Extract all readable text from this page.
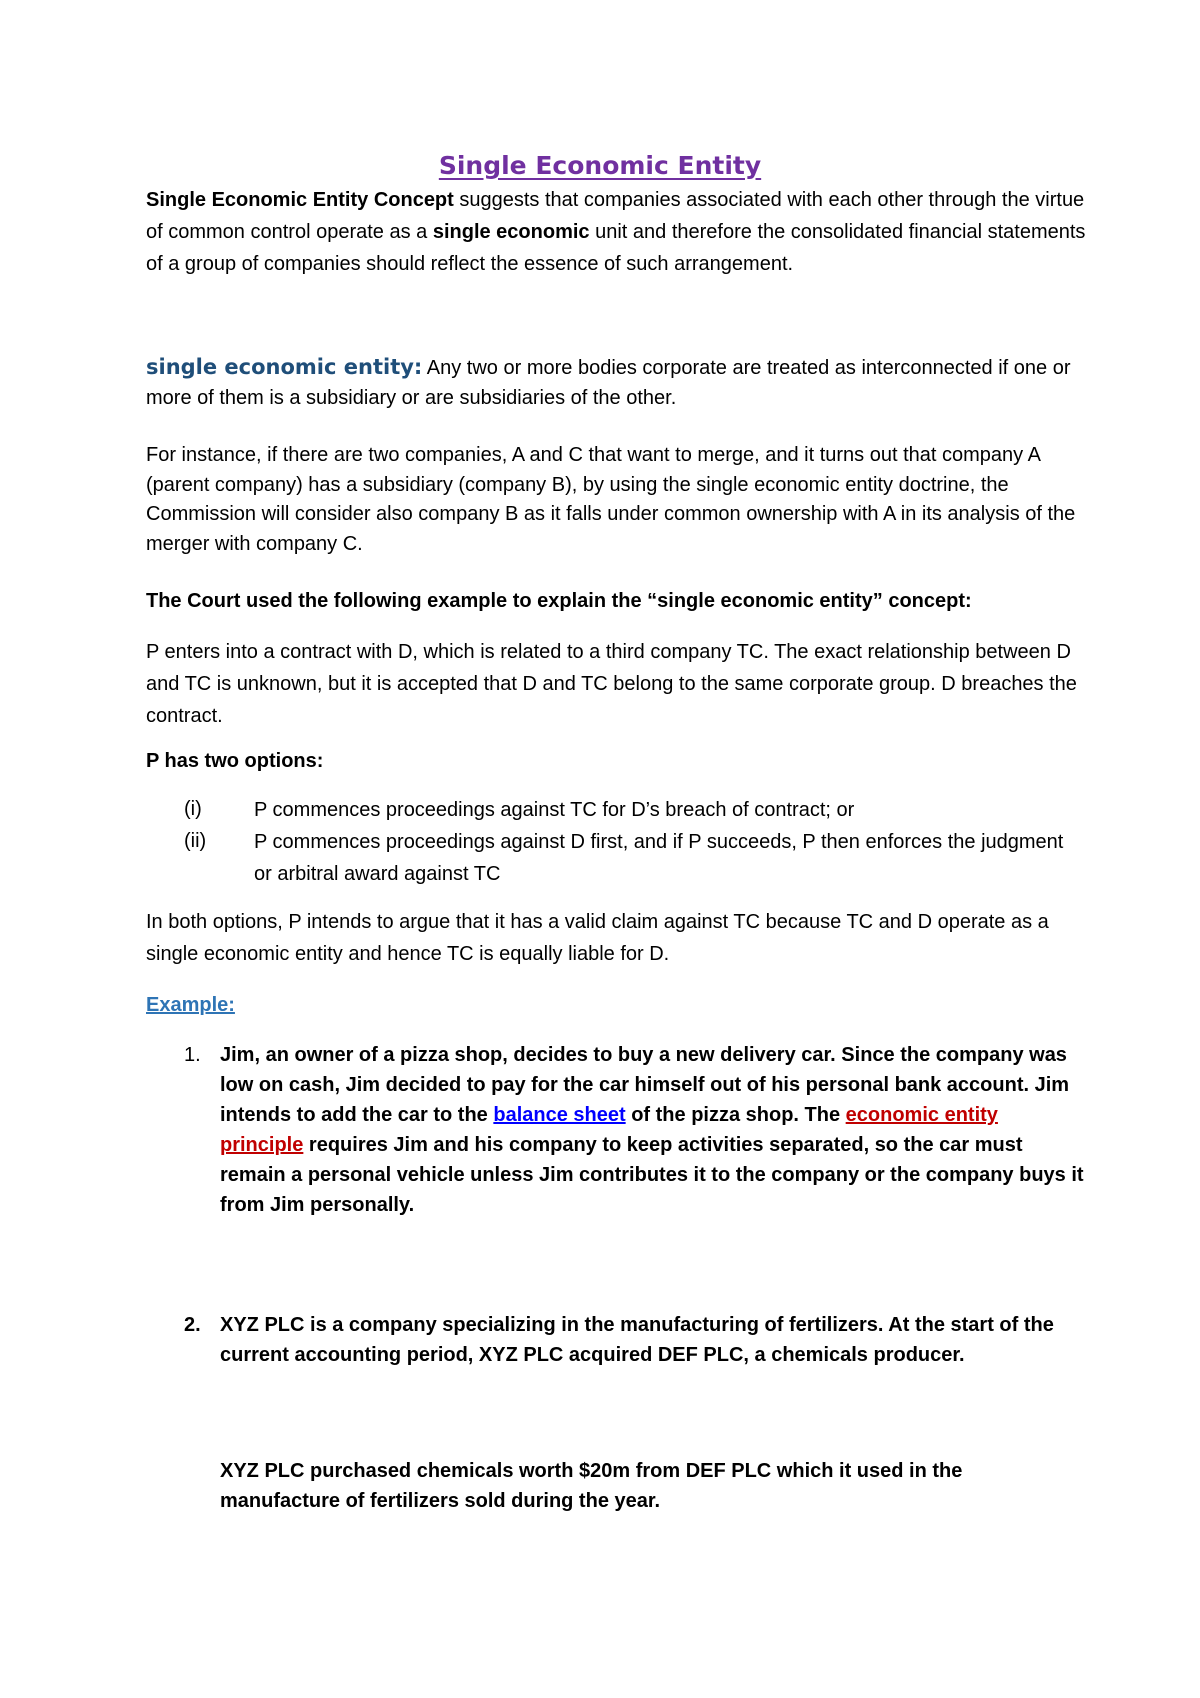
Single Economic Entity

Single Economic Entity Concept suggests that companies associated with each other through the virtue of common control operate as a single economic unit and therefore the consolidated financial statements of a group of companies should reflect the essence of such arrangement.

single economic entity: Any two or more bodies corporate are treated as interconnected if one or more of them is a subsidiary or are subsidiaries of the other.

For instance, if there are two companies, A and C that want to merge, and it turns out that company A (parent company) has a subsidiary (company B), by using the single economic entity doctrine, the Commission will consider also company B as it falls under common ownership with A in its analysis of the merger with company C.

The Court used the following example to explain the “single economic entity” concept:

P enters into a contract with D, which is related to a third company TC. The exact relationship between D and TC is unknown, but it is accepted that D and TC belong to the same corporate group. D breaches the contract.

P has two options:
(i)	P commences proceedings against TC for D’s breach of contract; or
(ii) P commences proceedings against D first, and if P succeeds, P then enforces the judgment or arbitral award against TC

In both options, P intends to argue that it has a valid claim against TC because TC and D operate as a single economic entity and hence TC is equally liable for D.

Example:
1. Jim, an owner of a pizza shop, decides to buy a new delivery car. Since the company was low on cash, Jim decided to pay for the car himself out of his personal bank account. Jim intends to add the car to the balance sheet of the pizza shop. The economic entity principle requires Jim and his company to keep activities separated, so the car must remain a personal vehicle unless Jim contributes it to the company or the company buys it from Jim personally.

2. XYZ PLC is a company specializing in the manufacturing of fertilizers. At the start of the current accounting period, XYZ PLC acquired DEF PLC, a chemicals producer.

XYZ PLC purchased chemicals worth $20m from DEF PLC which it used in the manufacture of fertilizers sold during the year.
